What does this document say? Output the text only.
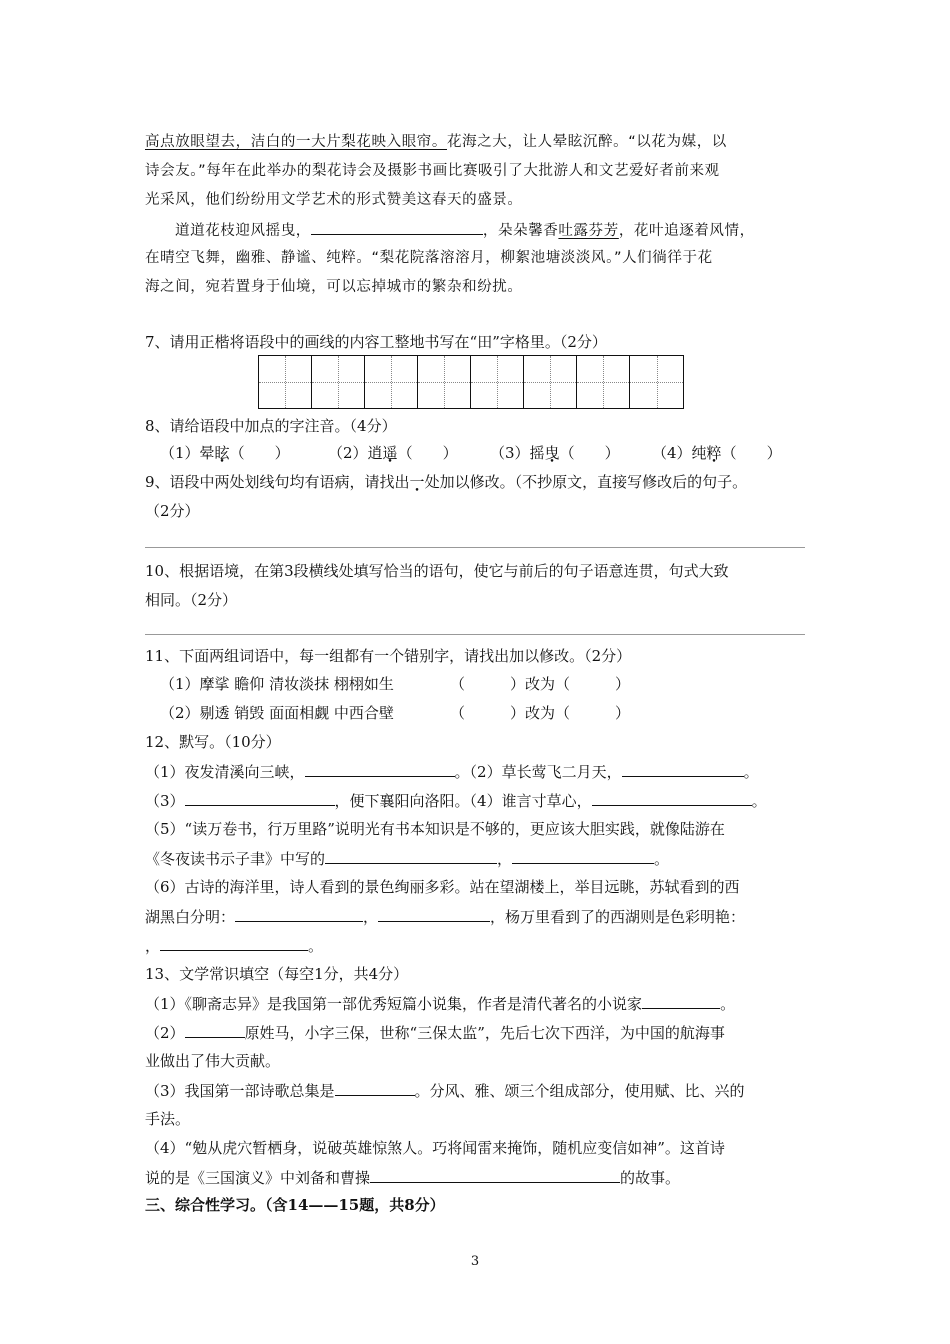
高点放眼望去，洁白的一大片梨花映入眼帘。花海之大，让人晕眩沉醉。“以花为媒，以
诗会友。”每年在此举办的梨花诗会及摄影书画比赛吸引了大批游人和文艺爱好者前来观
光采风，他们纷纷用文学艺术的形式赞美这春天的盛景。
道道花枝迎风摇曳，	，朵朵馨香吐露芬芳，花叶追逐着风情，
在晴空飞舞，幽雅、静谧、纯粹。“梨花院落溶溶月，柳絮池塘淡淡风。”人们徜徉于花
海之间，宛若置身于仙境，可以忘掉城市的繁杂和纷扰。
7、请用正楷将语段中的画线的内容工整地书写在“田”字格里。（2分）
8、请给语段中加点的字注音。（4分）
（1）晕眩（　　）	（2）逍遥（　　） （3）摇曳（　　） （4）纯粹（　　）
9、语段中两处划线句均有语病，请找出一处加以修改。（不抄原文，直接写修改后的句子。
（2分）
10、根据语境，在第3段横线处填写恰当的语句，使它与前后的句子语意连贯，句式大致
相同。（2分）
11、下面两组词语中，每一组都有一个错别字，请找出加以修改。（2分）
（1）摩挲 瞻仰 清妆淡抹 栩栩如生	（　　　）改为（　　　）
（2）剔透 销毁 面面相觑 中西合壁	（　　　）改为（　　　）
12、默写。（10分）
（1）夜发清溪向三峡，	。（2）草长莺飞二月天，	。
（3）	，便下襄阳向洛阳。（4）谁言寸草心，	。
（5）“读万卷书，行万里路”说明光有书本知识是不够的，更应该大胆实践，就像陆游在
《冬夜读书示子聿》中写的	，	。
（6）古诗的海洋里，诗人看到的景色绚丽多彩。站在望湖楼上，举目远眺，苏轼看到的西
湖黑白分明：	，	，杨万里看到了的西湖则是色彩明艳：
，	。
13、文学常识填空（每空1分，共4分）
（1）《聊斋志异》是我国第一部优秀短篇小说集，作者是清代著名的小说家	。
（2）	原姓马，小字三保，世称“三保太监”，先后七次下西洋，为中国的航海事
业做出了伟大贡献。
（3）我国第一部诗歌总集是	。分风、雅、颂三个组成部分，使用赋、比、兴的
手法。
（4）“勉从虎穴暂栖身，说破英雄惊煞人。巧将闻雷来掩饰，随机应变信如神”。这首诗
说的是《三国演义》中刘备和曹操	的故事。
三、综合性学习。（含14——15题，共8分）
3
